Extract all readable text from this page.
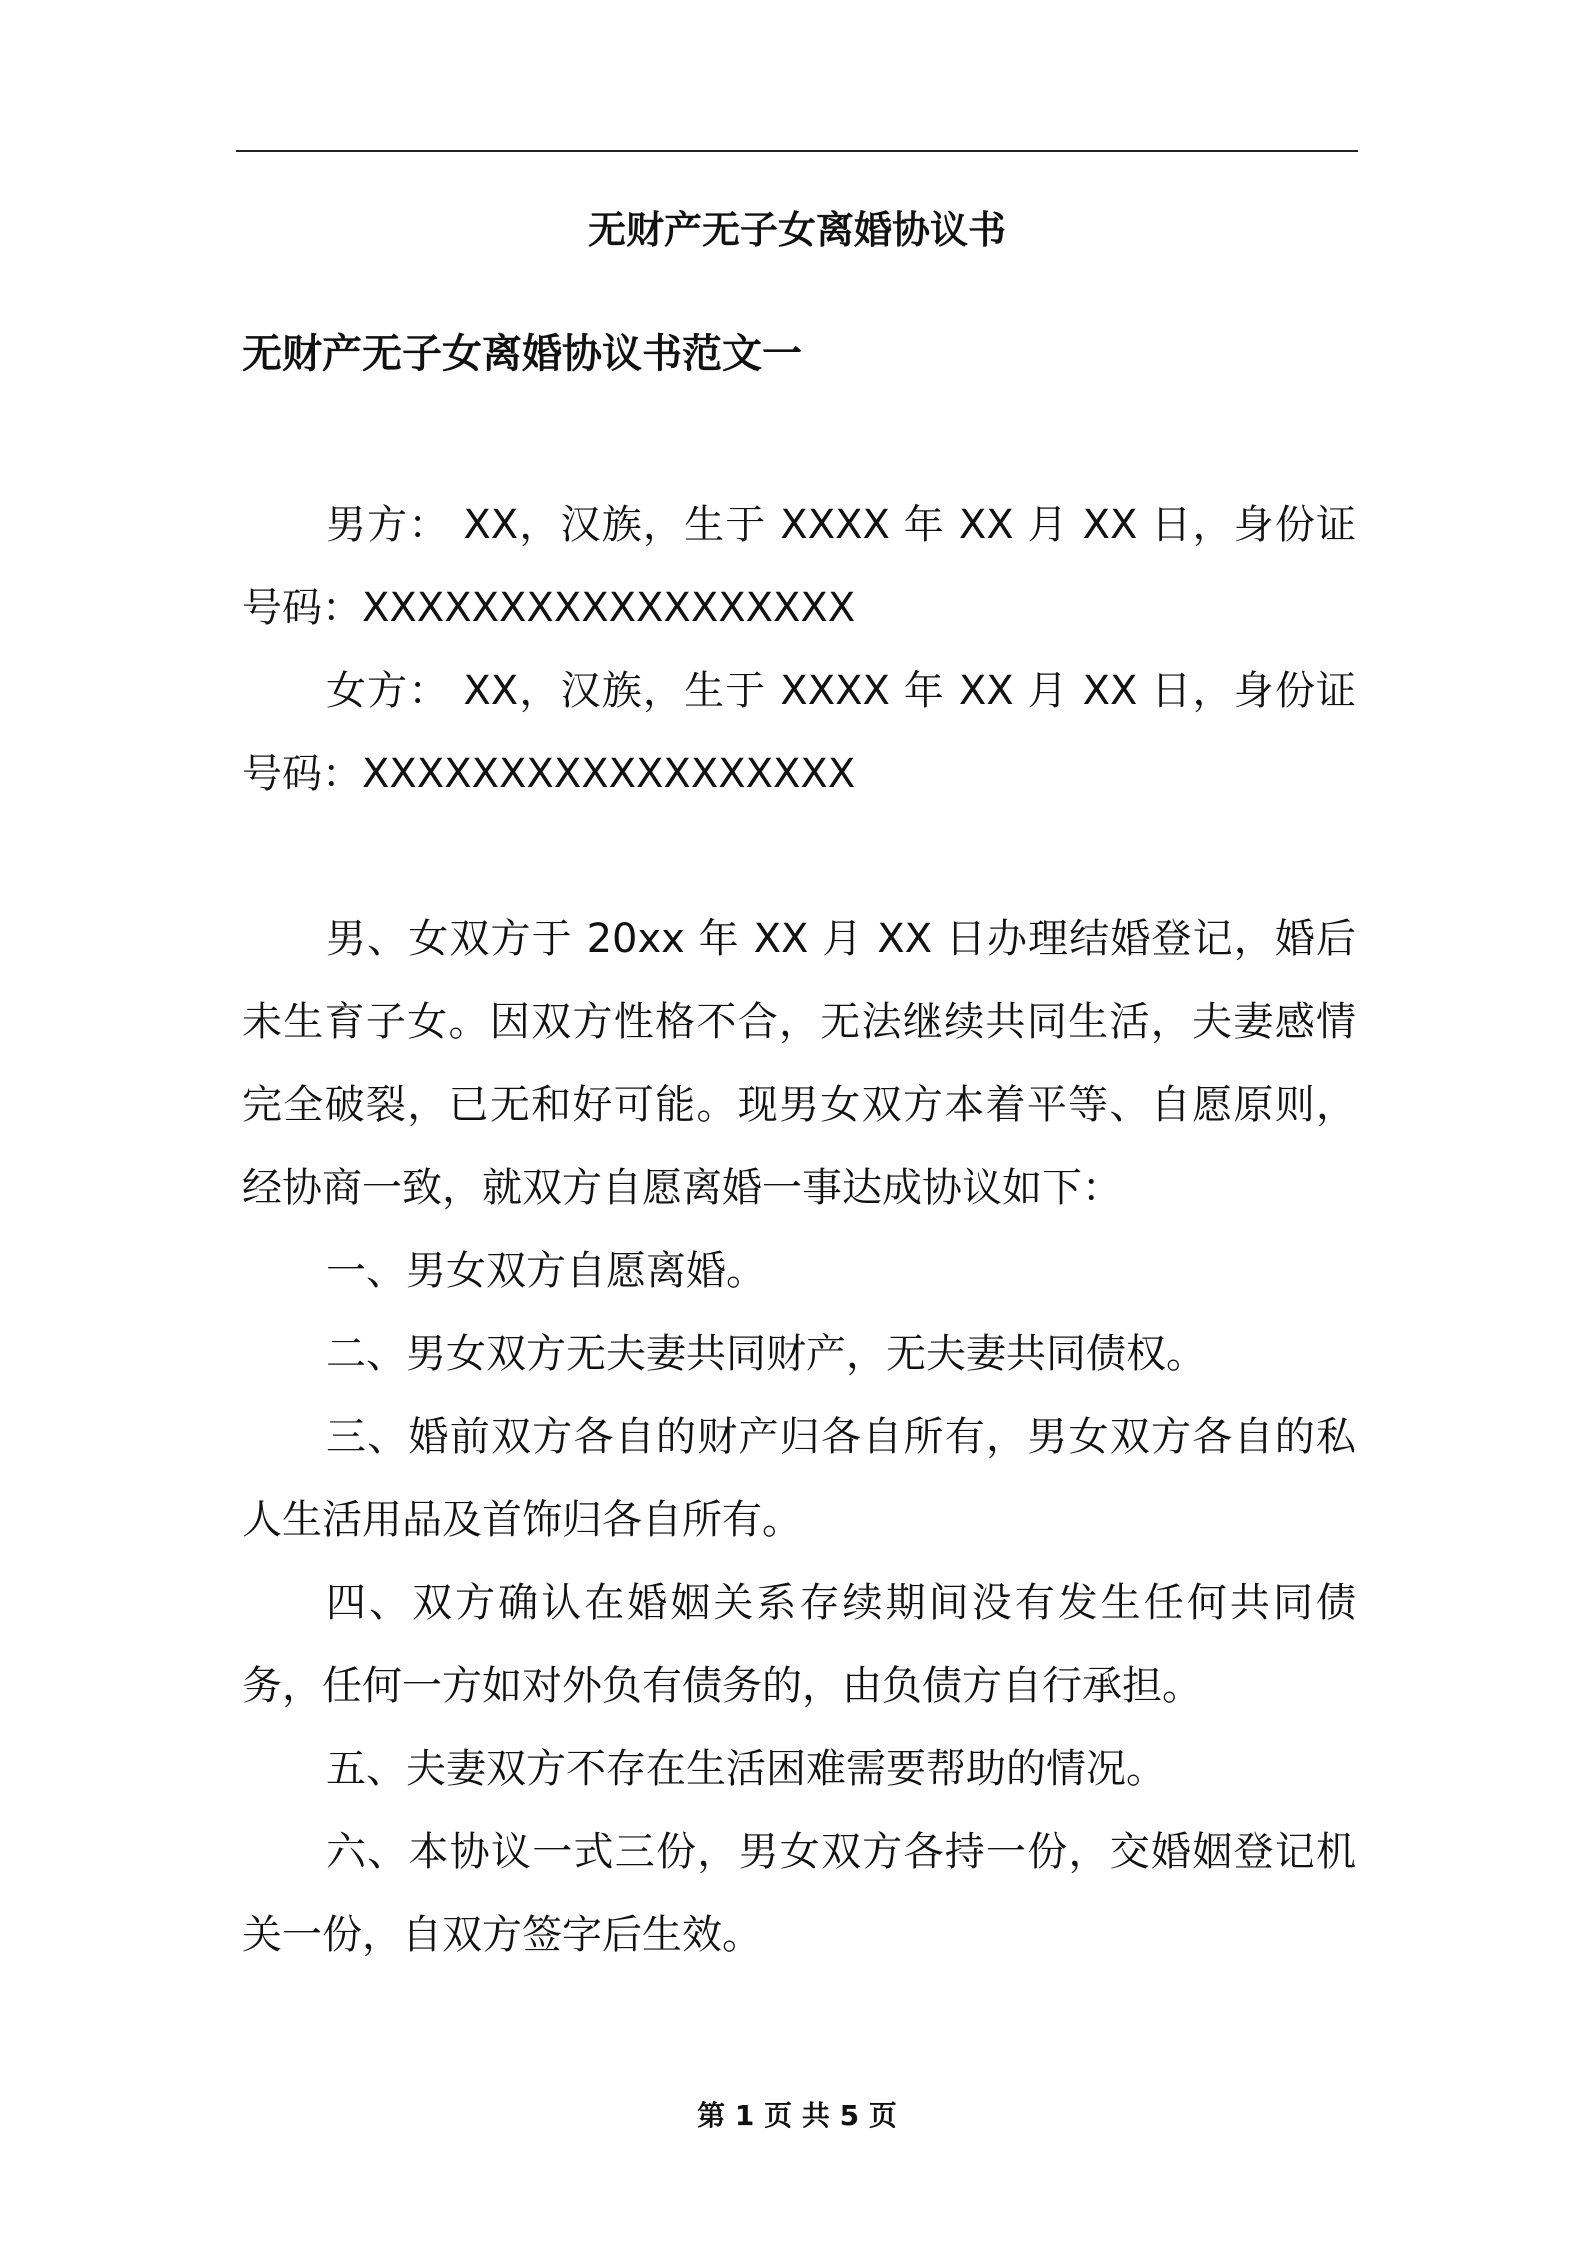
无财产无子女离婚协议书
无财产无子女离婚协议书范文一

男方： XX，汉族，生于 XXXX 年 XX 月 XX 日，身份证号码：XXXXXXXXXXXXXXXXXX

女方： XX，汉族，生于 XXXX 年 XX 月 XX 日，身份证号码：XXXXXXXXXXXXXXXXXX

男、女双方于 20xx 年 XX 月 XX 日办理结婚登记，婚后未生育子女。因双方性格不合，无法继续共同生活，夫妻感情完全破裂，已无和好可能。现男女双方本着平等、自愿原则，经协商一致，就双方自愿离婚一事达成协议如下：

一、男女双方自愿离婚。

二、男女双方无夫妻共同财产，无夫妻共同债权。

三、婚前双方各自的财产归各自所有，男女双方各自的私人生活用品及首饰归各自所有。

四、双方确认在婚姻关系存续期间没有发生任何共同债务，任何一方如对外负有债务的，由负债方自行承担。

五、夫妻双方不存在生活困难需要帮助的情况。

六、本协议一式三份，男女双方各持一份，交婚姻登记机关一份，自双方签字后生效。

第 1 页 共 5 页
